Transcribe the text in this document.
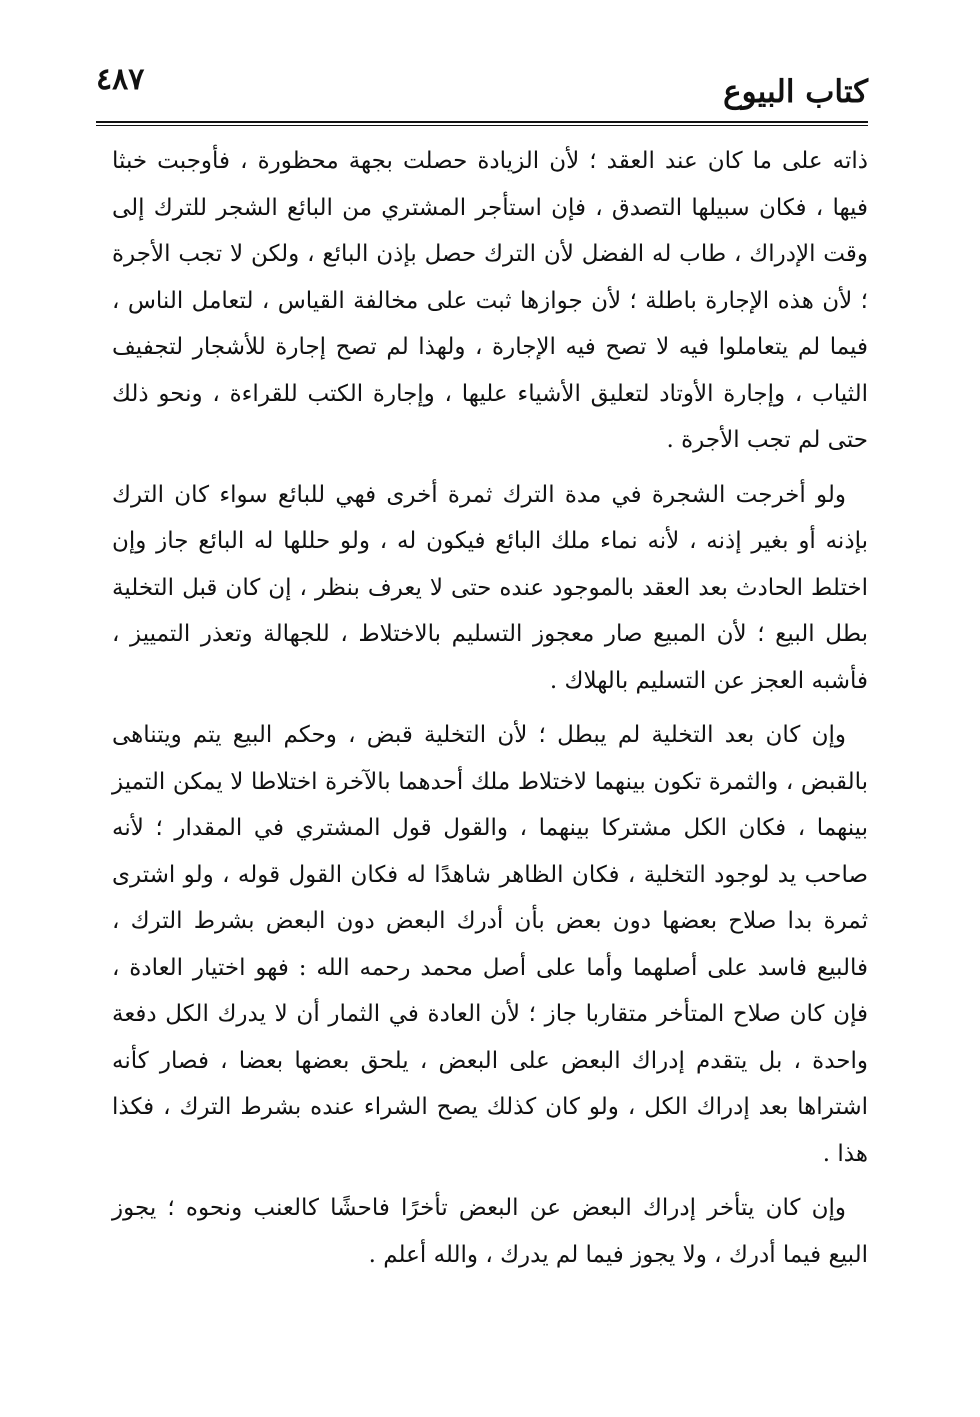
كتاب البيوع
٤٨٧

ذاته على ما كان عند العقد ؛ لأن الزيادة حصلت بجهة محظورة ، فأوجبت خبثا فيها ، فكان سبيلها التصدق ، فإن استأجر المشتري من البائع الشجر للترك إلى وقت الإدراك ، طاب له الفضل لأن الترك حصل بإذن البائع ، ولكن لا تجب الأجرة ؛ لأن هذه الإجارة باطلة ؛ لأن جوازها ثبت على مخالفة القياس ، لتعامل الناس ، فيما لم يتعاملوا فيه لا تصح فيه الإجارة ، ولهذا لم تصح إجارة للأشجار لتجفيف الثياب ، وإجارة الأوتاد لتعليق الأشياء عليها ، وإجارة الكتب للقراءة ، ونحو ذلك حتى لم تجب الأجرة .

ولو أخرجت الشجرة في مدة الترك ثمرة أخرى فهي للبائع سواء كان الترك بإذنه أو بغير إذنه ، لأنه نماء ملك البائع فيكون له ، ولو حللها له البائع جاز وإن اختلط الحادث بعد العقد بالموجود عنده حتى لا يعرف بنظر ، إن كان قبل التخلية بطل البيع ؛ لأن المبيع صار معجوز التسليم بالاختلاط ، للجهالة وتعذر التمييز ، فأشبه العجز عن التسليم بالهلاك .

وإن كان بعد التخلية لم يبطل ؛ لأن التخلية قبض ، وحكم البيع يتم ويتناهى بالقبض ، والثمرة تكون بينهما لاختلاط ملك أحدهما بالآخرة اختلاطا لا يمكن التميز بينهما ، فكان الكل مشتركا بينهما ، والقول قول المشتري في المقدار ؛ لأنه صاحب يد لوجود التخلية ، فكان الظاهر شاهدًا له فكان القول قوله ، ولو اشترى ثمرة بدا صلاح بعضها دون بعض بأن أدرك البعض دون البعض بشرط الترك ، فالبيع فاسد على أصلهما وأما على أصل محمد رحمه الله : فهو اختيار العادة ، فإن كان صلاح المتأخر متقاربا جاز ؛ لأن العادة في الثمار أن لا يدرك الكل دفعة واحدة ، بل يتقدم إدراك البعض على البعض ، يلحق بعضها بعضا ، فصار كأنه اشتراها بعد إدراك الكل ، ولو كان كذلك يصح الشراء عنده بشرط الترك ، فكذا هذا .

وإن كان يتأخر إدراك البعض عن البعض تأخرًا فاحشًا كالعنب ونحوه ؛ يجوز البيع فيما أدرك ، ولا يجوز فيما لم يدرك ، والله أعلم .
